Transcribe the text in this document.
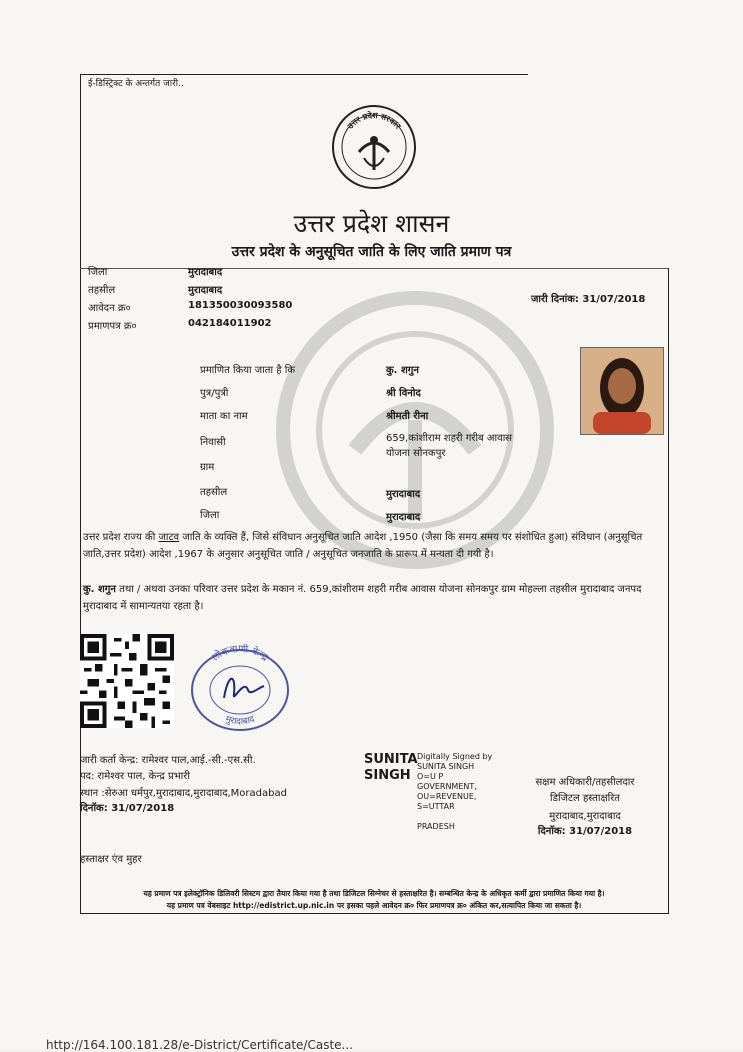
ई-डिस्ट्रिक्ट के अन्तर्गत जारी..
उत्तर प्रदेश सरकार
उत्तर प्रदेश शासन
उत्तर प्रदेश के अनुसूचित जाति के लिए जाति प्रमाण पत्र
जिला	मुरादाबाद
तहसील	मुरादाबाद
आवेदन क्र०	181350030093580
प्रमाणपत्र क्र०	042184011902
जारी दिनांक: 31/07/2018
प्रमाणित किया जाता है कि	कु. शगुन
पुत्र/पुत्री	श्री विनोद
माता का नाम	श्रीमती रीना
निवासी	659,कांशीराम शहरी गरीब आवास
योजना सोनकपुर
ग्राम
तहसील	मुरादाबाद
जिला	मुरादाबाद
उत्तर प्रदेश राज्य की जाटव जाति के व्यक्ति हैं, जिसे संविधान अनुसूचित जाति आदेश ,1950 (जैसा कि समय समय पर संशोधित हुआ) संविधान (अनुसूचित जाति,उत्तर प्रदेश) आदेश ,1967 के अनुसार अनुसूचित जाति / अनुसूचित जनजाति के प्रारूप में मन्यता दी गयी है।
कु. शगुन तथा / अथवा उनका परिवार उत्तर प्रदेश के मकान नं. 659,कांशीराम शहरी गरीब आवास योजना सोनकपुर ग्राम मोहल्ला तहसील मुरादाबाद जनपद मुरादाबाद में सामान्यतया रहता है।
लोकवाणी केन्द्र
मुरादाबाद
जारी कर्ता केन्द्र: रामेश्वर पाल,आई.-सी.-एस.सी.
पद: रामेश्वर पाल, केन्द्र प्रभारी
स्थान :सेरुआ धर्मपुर,मुरादाबाद,मुरादाबाद,Moradabad
दिनॉक: 31/07/2018
SUNITA
SINGH
Digitally Signed by
SUNITA SINGH
O=U P
GOVERNMENT,
OU=REVENUE,
S=UTTAR
PRADESH
सक्षम अधिकारी/तहसीलदार
डिजिटल हस्ताक्षरित
मुरादाबाद,मुरादाबाद
दिनॉक: 31/07/2018
हस्ताक्षर एंव मुहर
यह प्रमाण पत्र इलेक्ट्रॉनिक डिलिवरी सिस्टम द्वारा तैयार किया गया है तथा डिजिटल सिग्नेचर से हस्ताक्षरित है। सम्बन्धित केन्द्र के अधिकृत कर्मी द्वारा प्रमाणित किया गया है।
यह प्रमाण पत्र वेबसाइट http://edistrict.up.nic.in पर इसका पहले आवेदन क्र० फिर प्रमाणपत्र क्र० अंकित कर,सत्यापित किया जा सकता है।
http://164.100.181.28/e-District/Certificate/Caste...
